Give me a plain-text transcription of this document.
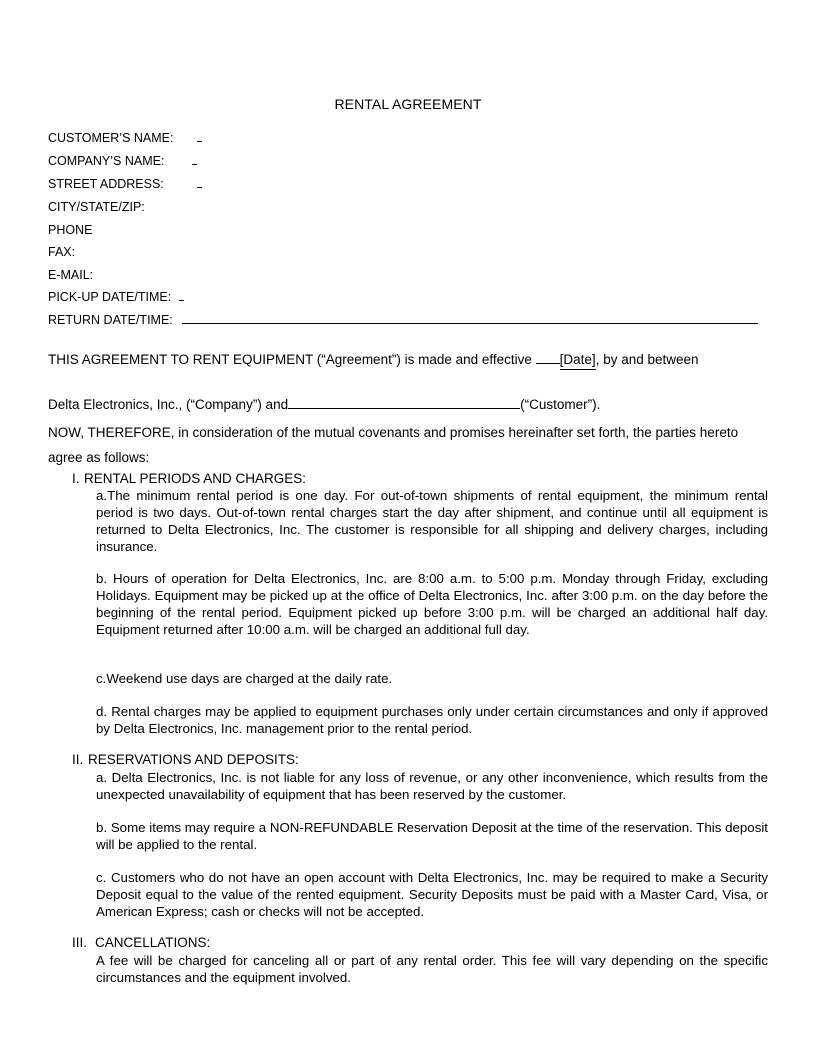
RENTAL AGREEMENT
CUSTOMER’S NAME:
COMPANY’S NAME:
STREET ADDRESS:
CITY/STATE/ZIP:
PHONE
FAX:
E-MAIL:
PICK-UP DATE/TIME:
RETURN DATE/TIME:
THIS AGREEMENT TO RENT EQUIPMENT (“Agreement”) is made and effective [Date], by and between
Delta Electronics, Inc., (“Company”) and	(“Customer”).
NOW, THEREFORE, in consideration of the mutual covenants and promises hereinafter set forth, the parties hereto agree as follows:
I. RENTAL PERIODS AND CHARGES:
a.The minimum rental period is one day. For out-of-town shipments of rental equipment, the minimum rental period is two days. Out-of-town rental charges start the day after shipment, and continue until all equipment is returned to Delta Electronics, Inc. The customer is responsible for all shipping and delivery charges, including insurance.
b. Hours of operation for Delta Electronics, Inc. are 8:00 a.m. to 5:00 p.m. Monday through Friday, excluding Holidays. Equipment may be picked up at the office of Delta Electronics, Inc. after 3:00 p.m. on the day before the beginning of the rental period. Equipment picked up before 3:00 p.m. will be charged an additional half day. Equipment returned after 10:00 a.m. will be charged an additional full day.
c.Weekend use days are charged at the daily rate.
d. Rental charges may be applied to equipment purchases only under certain circumstances and only if approved by Delta Electronics, Inc. management prior to the rental period.
II. RESERVATIONS AND DEPOSITS:
a. Delta Electronics, Inc. is not liable for any loss of revenue, or any other inconvenience, which results from the unexpected unavailability of equipment that has been reserved by the customer.
b. Some items may require a NON-REFUNDABLE Reservation Deposit at the time of the reservation. This deposit will be applied to the rental.
c. Customers who do not have an open account with Delta Electronics, Inc. may be required to make a Security Deposit equal to the value of the rented equipment. Security Deposits must be paid with a Master Card, Visa, or American Express; cash or checks will not be accepted.
III. CANCELLATIONS:
A fee will be charged for canceling all or part of any rental order. This fee will vary depending on the specific circumstances and the equipment involved.
